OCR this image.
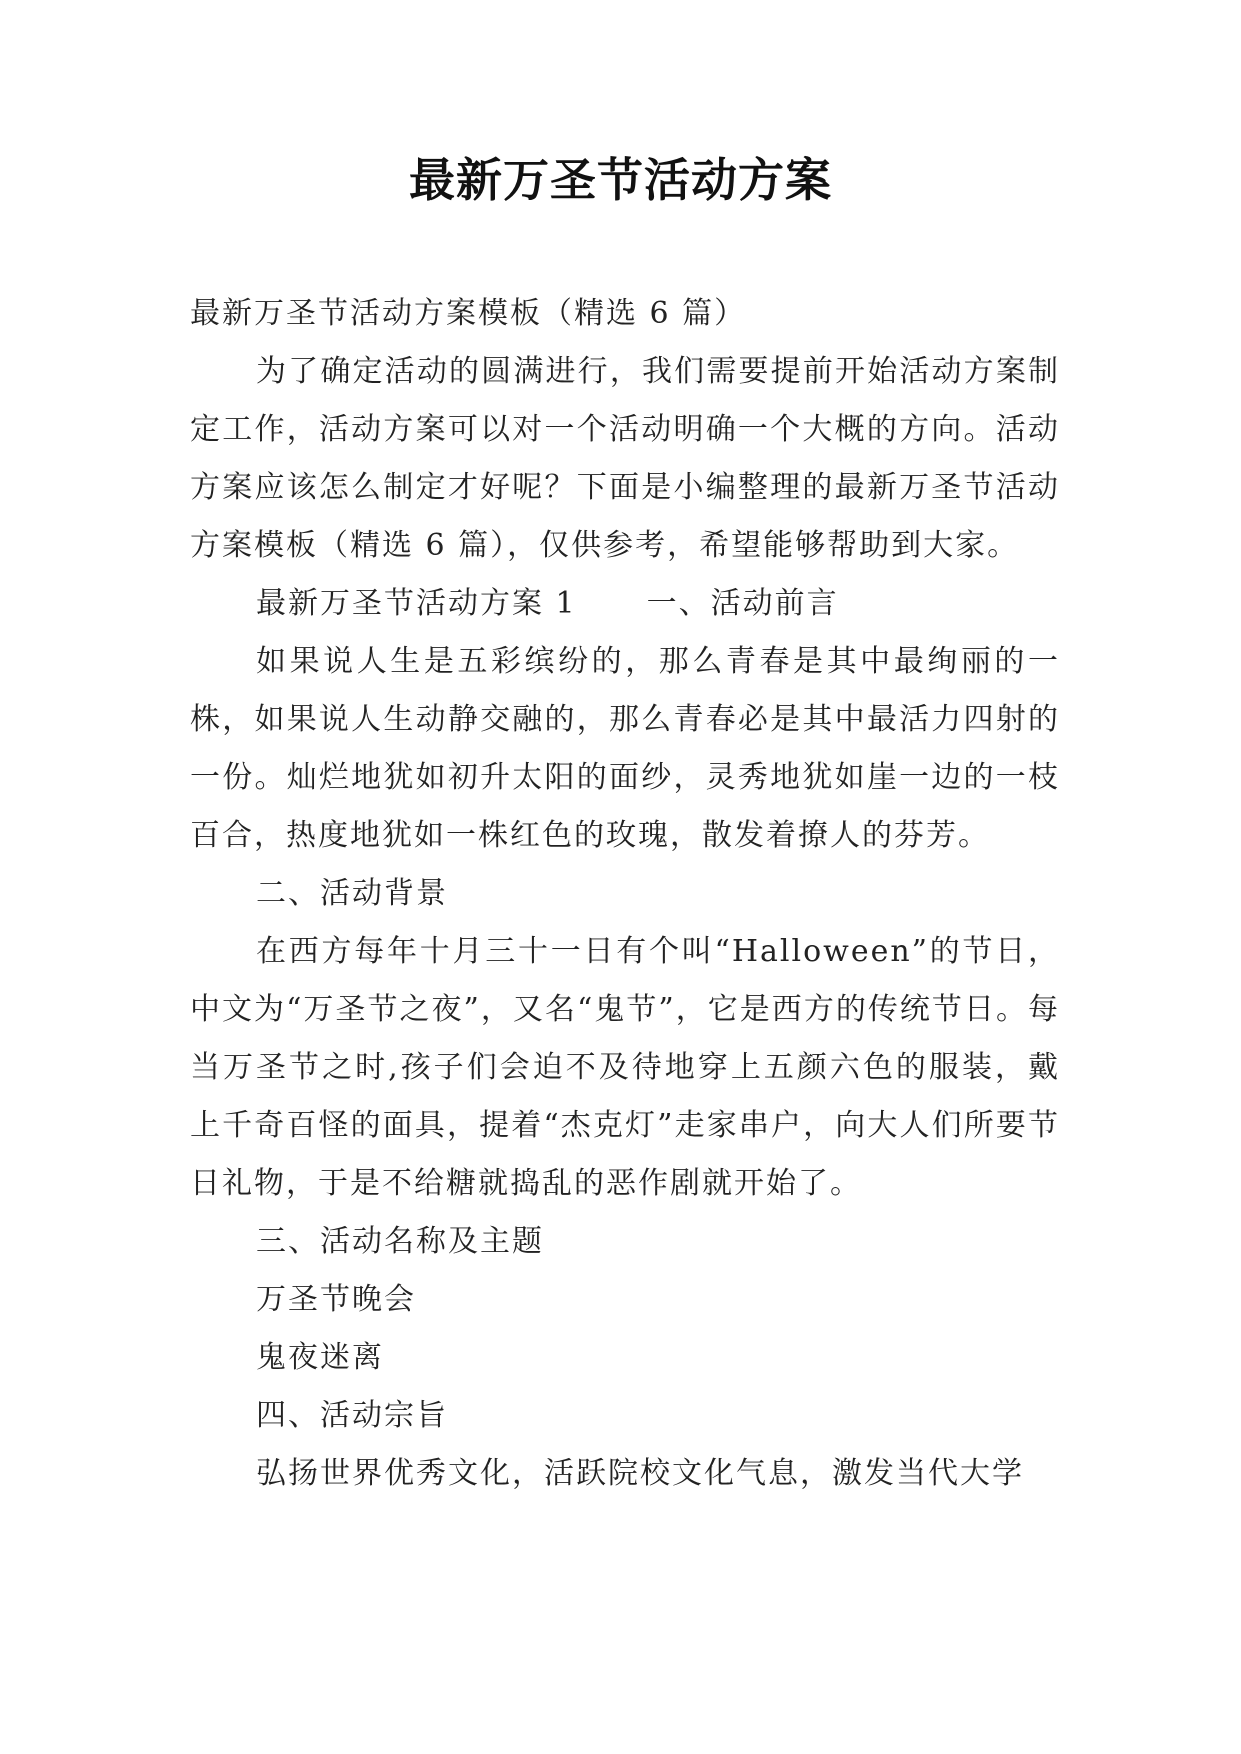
最新万圣节活动方案

最新万圣节活动方案模板（精选 6 篇）

为了确定活动的圆满进行，我们需要提前开始活动方案制定工作，活动方案可以对一个活动明确一个大概的方向。活动方案应该怎么制定才好呢？下面是小编整理的最新万圣节活动方案模板（精选 6 篇），仅供参考，希望能够帮助到大家。

最新万圣节活动方案 1 一、活动前言

如果说人生是五彩缤纷的，那么青春是其中最绚丽的一株，如果说人生动静交融的，那么青春必是其中最活力四射的一份。灿烂地犹如初升太阳的面纱，灵秀地犹如崖一边的一枝百合，热度地犹如一株红色的玫瑰，散发着撩人的芬芳。

二、活动背景

在西方每年十月三十一日有个叫“Halloween”的节日，中文为“万圣节之夜”，又名“鬼节”，它是西方的传统节日。每当万圣节之时,孩子们会迫不及待地穿上五颜六色的服装，戴上千奇百怪的面具，提着“杰克灯”走家串户，向大人们所要节日礼物，于是不给糖就捣乱的恶作剧就开始了。

三、活动名称及主题

万圣节晚会

鬼夜迷离

四、活动宗旨

弘扬世界优秀文化，活跃院校文化气息，激发当代大学
